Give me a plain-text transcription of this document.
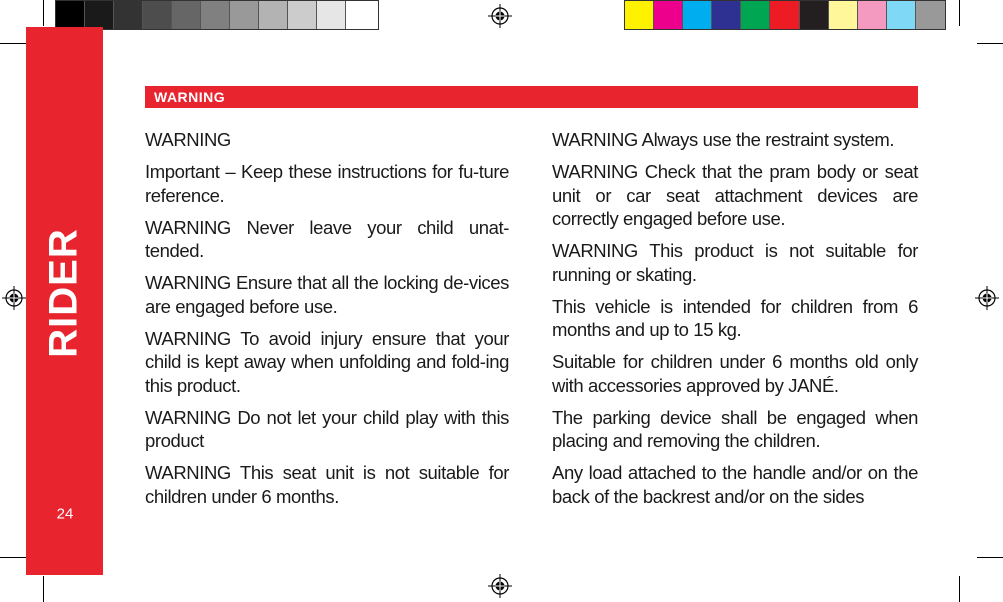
RIDER
24
WARNING

WARNING

Important – Keep these instructions for fu-ture reference.

WARNING Never leave your child unat-tended.

WARNING Ensure that all the locking de-vices are engaged before use.

WARNING To avoid injury ensure that your child is kept away when unfolding and fold-ing this product.

WARNING Do not let your child play with this product

WARNING This seat unit is not suitable for children under 6 months.

WARNING Always use the restraint system.

WARNING Check that the pram body or seat unit or car seat attachment devices are correctly engaged before use.

WARNING This product is not suitable for running or skating.

This vehicle is intended for children from 6 months and up to 15 kg.

Suitable for children under 6 months old only with accessories approved by JANÉ.

The parking device shall be engaged when placing and removing the children.

Any load attached to the handle and/or on the back of the backrest and/or on the sides
